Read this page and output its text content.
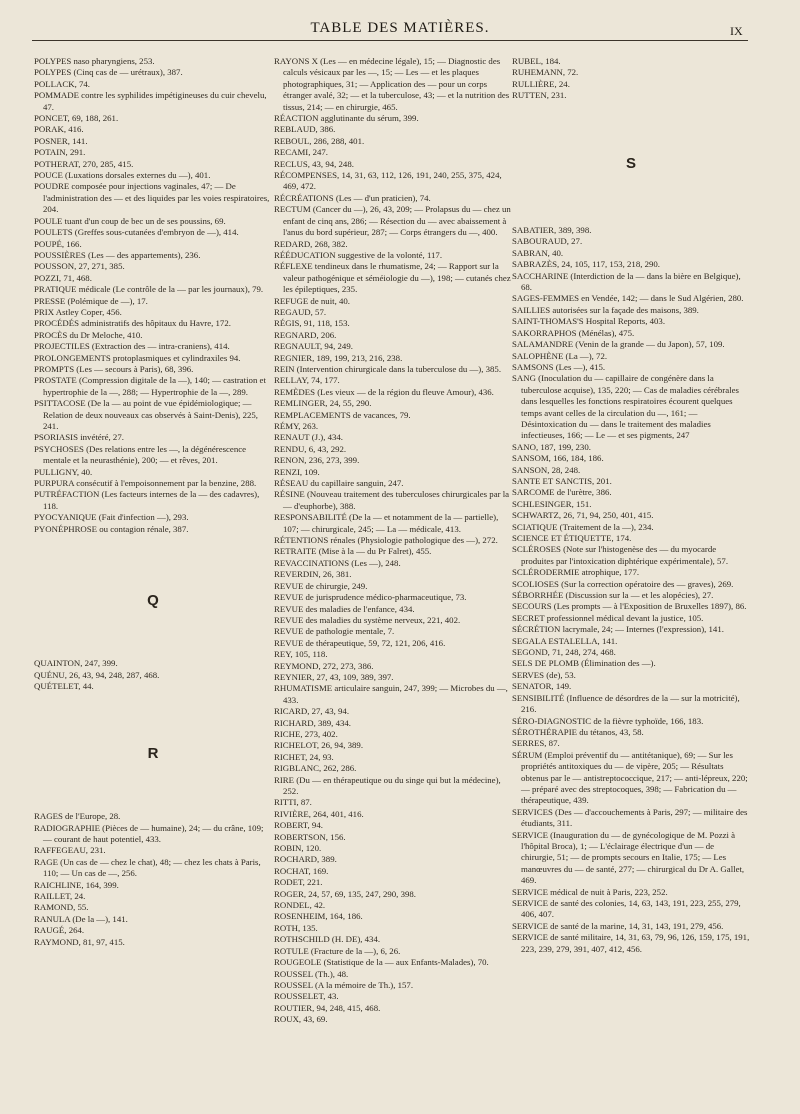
TABLE DES MATIÈRES.	IX

POLYPES naso pharyngiens, 253.

POLYPES (Cinq cas de — urétraux), 387.

POLLACK, 74.

POMMADE contre les syphilides impétigineuses du cuir chevelu, 47.

PONCET, 69, 188, 261.

PORAK, 416.

POSNER, 141.

POTAIN, 291.

POTHERAT, 270, 285, 415.

POUCE (Luxations dorsales externes du —), 401.

POUDRE composée pour injections vaginales, 47; — De l'administration des — et des liquides par les voies respiratoires, 204.

POULE tuant d'un coup de bec un de ses poussins, 69.

POULETS (Greffes sous-cutanées d'embryon de —), 414.

POUPÉ, 166.

POUSSIÈRES (Les — des appartements), 236.

POUSSON, 27, 271, 385.

POZZI, 71, 468.

PRATIQUE médicale (Le contrôle de la — par les journaux), 79.

PRESSE (Polémique de —), 17.

PRIX Astley Coper, 456.

PROCÉDÉS administratifs des hôpitaux du Havre, 172.

PROCÈS du Dr Meloche, 410.

PROJECTILES (Extraction des — intra-craniens), 414.

PROLONGEMENTS protoplasmiques et cylindraxiles 94.

PROMPTS (Les — secours à Paris), 68, 396.

PROSTATE (Compression digitale de la —), 140; — castration et hypertrophie de la —, 288; — Hypertrophie de la —, 289.

PSITTACOSE (De la — au point de vue épidémiologique; — Relation de deux nouveaux cas observés à Saint-Denis), 225, 241.

PSORIASIS invétéré, 27.

PSYCHOSES (Des relations entre les —, la dégénérescence mentale et la neurasthénie), 200; — et rêves, 201.

PULLIGNY, 40.

PURPURA consécutif à l'empoisonnement par la benzine, 288.

PUTRÉFACTION (Les facteurs internes de la — des cadavres), 118.

PYOCYANIQUE (Fait d'infection —), 293.

PYONÉPHROSE ou contagion rénale, 387.

Q

QUAINTON, 247, 399.

QUÉNU, 26, 43, 94, 248, 287, 468.

QUÉTELET, 44.

R

RAGES de l'Europe, 28.

RADIOGRAPHIE (Pièces de — humaine), 24; — du crâne, 109; — courant de haut potentiel, 433.

RAFFEGEAU, 231.

RAGE (Un cas de — chez le chat), 48; — chez les chats à Paris, 110; — Un cas de —, 256.

RAICHLINE, 164, 399.

RAILLET, 24.

RAMOND, 55.

RANULA (De la —), 141.

RAUGÉ, 264.

RAYMOND, 81, 97, 415.

RAYONS X (Les — en médecine légale), 15; — Diagnostic des calculs vésicaux par les —, 15; — Les — et les plaques photographiques, 31; — Application des — pour un corps étranger avalé, 32; — et la tuberculose, 43; — et la nutrition des tissus, 214; — en chirurgie, 465.

RÉACTION agglutinante du sérum, 399.

REBLAUD, 386.

REBOUL, 286, 288, 401.

RECAMI, 247.

RECLUS, 43, 94, 248.

RÉCOMPENSES, 14, 31, 63, 112, 126, 191, 240, 255, 375, 424, 469, 472.

RÉCRÉATIONS (Les — d'un praticien), 74.

RECTUM (Cancer du —), 26, 43, 209; — Prolapsus du — chez un enfant de cinq ans, 286; — Résection du — avec abaissement à l'anus du bord supérieur, 287; — Corps étrangers du —, 400.

REDARD, 268, 382.

RÉÉDUCATION suggestive de la volonté, 117.

RÉFLEXE tendineux dans le rhumatisme, 24; — Rapport sur la valeur pathogénique et séméiologie du —), 198; — cutanés chez les épileptiques, 235.

REFUGE de nuit, 40.

REGAUD, 57.

RÉGIS, 91, 118, 153.

REGNARD, 206.

REGNAULT, 94, 249.

REGNIER, 189, 199, 213, 216, 238.

REIN (Intervention chirurgicale dans la tuberculose du —), 385.

RELLAY, 74, 177.

REMÈDES (Les vieux — de la région du fleuve Amour), 436.

REMLINGER, 24, 55, 290.

REMPLACEMENTS de vacances, 79.

RÉMY, 263.

RENAUT (J.), 434.

RENDU, 6, 43, 292.

RENON, 236, 273, 399.

RENZI, 109.

RÉSEAU du capillaire sanguin, 247.

RÉSINE (Nouveau traitement des tuberculoses chirurgicales par la — d'euphorbe), 388.

RESPONSABILITÉ (De la — et notamment de la — partielle), 107; — chirurgicale, 245; — La — médicale, 413.

RÉTENTIONS rénales (Physiologie pathologique des —), 272.

RETRAITE (Mise à la — du Pr Falret), 455.

REVACCINATIONS (Les —), 248.

REVERDIN, 26, 381.

REVUE de chirurgie, 249.

REVUE de jurisprudence médico-pharmaceutique, 73.

REVUE des maladies de l'enfance, 434.

REVUE des maladies du système nerveux, 221, 402.

REVUE de pathologie mentale, 7.

REVUE de thérapeutique, 59, 72, 121, 206, 416.

REY, 105, 118.

REYMOND, 272, 273, 386.

REYNIER, 27, 43, 109, 389, 397.

RHUMATISME articulaire sanguin, 247, 399; — Microbes du —, 433.

RICARD, 27, 43, 94.

RICHARD, 389, 434.

RICHE, 273, 402.

RICHELOT, 26, 94, 389.

RICHET, 24, 93.

RIGBLANC, 262, 286.

RIRE (Du — en thérapeutique ou du singe qui but la médecine), 252.

RITTI, 87.

RIVIÈRE, 264, 401, 416.

ROBERT, 94.

ROBERTSON, 156.

ROBIN, 120.

ROCHARD, 389.

ROCHAT, 169.

RODET, 221.

ROGER, 24, 57, 69, 135, 247, 290, 398.

RONDEL, 42.

ROSENHEIM, 164, 186.

ROTH, 135.

ROTHSCHILD (H. DE), 434.

ROTULE (Fracture de la —), 6, 26.

ROUGEOLE (Statistique de la — aux Enfants-Malades), 70.

ROUSSEL (Th.), 48.

ROUSSEL (A la mémoire de Th.), 157.

ROUSSELET, 43.

ROUTIER, 94, 248, 415, 468.

ROUX, 43, 69.

RUBEL, 184.

RUHEMANN, 72.

RULLIÈRE, 24.

RUTTEN, 231.

S

SABATIER, 389, 398.

SABOURAUD, 27.

SABRAN, 40.

SABRAZÈS, 24, 105, 117, 153, 218, 290.

SACCHARINE (Interdiction de la — dans la bière en Belgique), 68.

SAGES-FEMMES en Vendée, 142; — dans le Sud Algérien, 280.

SAILLIES autorisées sur la façade des maisons, 389.

SAINT-THOMAS'S Hospital Reports, 403.

SAKORRAPHOS (Ménélas), 475.

SALAMANDRE (Venin de la grande — du Japon), 57, 109.

SALOPHÈNE (La —), 72.

SAMSONS (Les —), 415.

SANG (Inoculation du — capillaire de congénère dans la tuberculose acquise), 135, 220; — Cas de maladies cérébrales dans lesquelles les fonctions respiratoires écourent quelques temps avant celles de la circulation du —, 161; — Désintoxication du — dans le traitement des maladies infectieuses, 166; — Le — et ses pigments, 247

SANO, 187, 199, 230.

SANSOM, 166, 184, 186.

SANSON, 28, 248.

SANTE ET SANCTIS, 201.

SARCOME de l'urètre, 386.

SCHLESINGER, 151.

SCHWARTZ, 26, 71, 94, 250, 401, 415.

SCIATIQUE (Traitement de la —), 234.

SCIENCE ET ÉTIQUETTE, 174.

SCLÉROSES (Note sur l'histogenèse des — du myocarde produites par l'intoxication diphtérique expérimentale), 57.

SCLÉRODERMIE atrophique, 177.

SCOLIOSES (Sur la correction opératoire des — graves), 269.

SÉBORRHÉE (Discussion sur la — et les alopécies), 27.

SECOURS (Les prompts — à l'Exposition de Bruxelles 1897), 86.

SECRET professionnel médical devant la justice, 105.

SÉCRÉTION lacrymale, 24; — Internes (l'expression), 141.

SEGALA ESTALELLA, 141.

SEGOND, 71, 248, 274, 468.

SELS DE PLOMB (Élimination des —).

SERVES (de), 53.

SENATOR, 149.

SENSIBILITÉ (Influence de désordres de la — sur la motricité), 216.

SÉRO-DIAGNOSTIC de la fièvre typhoïde, 166, 183.

SÉROTHÉRAPIE du tétanos, 43, 58.

SERRES, 87.

SÉRUM (Emploi préventif du — antitétanique), 69; — Sur les propriétés antitoxiques du — de vipère, 205; — Résultats obtenus par le — antistreptococcique, 217; — anti-lépreux, 220; — préparé avec des streptocoques, 398; — Fabrication du — thérapeutique, 439.

SERVICES (Des — d'accouchements à Paris, 297; — militaire des étudiants, 311.

SERVICE (Inauguration du — de gynécologique de M. Pozzi à l'hôpital Broca), 1; — L'éclairage électrique d'un — de chirurgie, 51; — de prompts secours en Italie, 175; — Les manœuvres du — de santé, 277; — chirurgical du Dr A. Gallet, 469.

SERVICE médical de nuit à Paris, 223, 252.

SERVICE de santé des colonies, 14, 63, 143, 191, 223, 255, 279, 406, 407.

SERVICE de santé de la marine, 14, 31, 143, 191, 279, 456.

SERVICE de santé militaire, 14, 31, 63, 79, 96, 126, 159, 175, 191, 223, 239, 279, 391, 407, 412, 456.
